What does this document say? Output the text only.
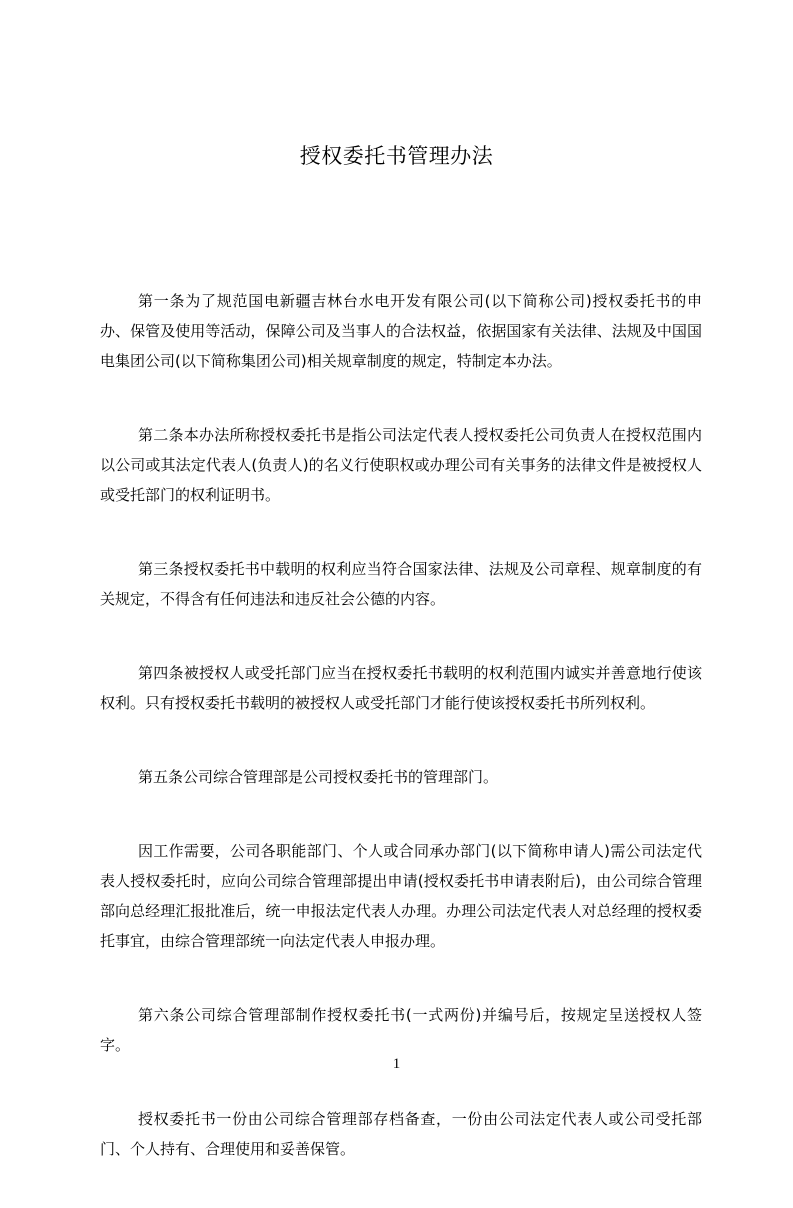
授权委托书管理办法

第一条为了规范国电新疆吉林台水电开发有限公司(以下简称公司)授权委托书的申办、保管及使用等活动，保障公司及当事人的合法权益，依据国家有关法律、法规及中国国电集团公司(以下简称集团公司)相关规章制度的规定，特制定本办法。

第二条本办法所称授权委托书是指公司法定代表人授权委托公司负责人在授权范围内以公司或其法定代表人(负责人)的名义行使职权或办理公司有关事务的法律文件是被授权人或受托部门的权利证明书。

第三条授权委托书中载明的权利应当符合国家法律、法规及公司章程、规章制度的有关规定，不得含有任何违法和违反社会公德的内容。

第四条被授权人或受托部门应当在授权委托书载明的权利范围内诚实并善意地行使该权利。只有授权委托书载明的被授权人或受托部门才能行使该授权委托书所列权利。

第五条公司综合管理部是公司授权委托书的管理部门。

因工作需要，公司各职能部门、个人或合同承办部门(以下简称申请人)需公司法定代表人授权委托时，应向公司综合管理部提出申请(授权委托书申请表附后)，由公司综合管理部向总经理汇报批准后，统一申报法定代表人办理。办理公司法定代表人对总经理的授权委托事宜，由综合管理部统一向法定代表人申报办理。

第六条公司综合管理部制作授权委托书(一式两份)并编号后，按规定呈送授权人签字。

授权委托书一份由公司综合管理部存档备查，一份由公司法定代表人或公司受托部门、个人持有、合理使用和妥善保管。

1
